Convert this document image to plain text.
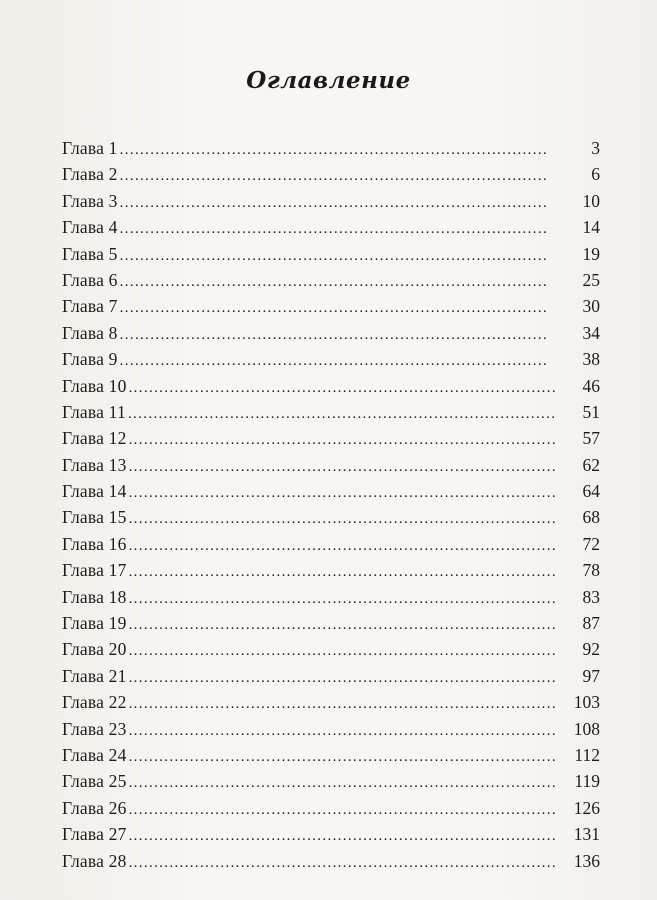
Оглавление
Глава 1 . . .	3
Глава 2 . . .	6
Глава 3 . . .	10
Глава 4 . . .	14
Глава 5 . . .	19
Глава 6 . . .	25
Глава 7 . . .	30
Глава 8 . . .	34
Глава 9 . . .	38
Глава 10 . . .	46
Глава 11 . . .	51
Глава 12 . . .	57
Глава 13 . . .	62
Глава 14 . . .	64
Глава 15 . . .	68
Глава 16 . . .	72
Глава 17 . . .	78
Глава 18 . . .	83
Глава 19 . . .	87
Глава 20 . . .	92
Глава 21 . . .	97
Глава 22 . . .	103
Глава 23 . . .	108
Глава 24 . . .	112
Глава 25 . . .	119
Глава 26 . . .	126
Глава 27 . . .	131
Глава 28 . . .	136
